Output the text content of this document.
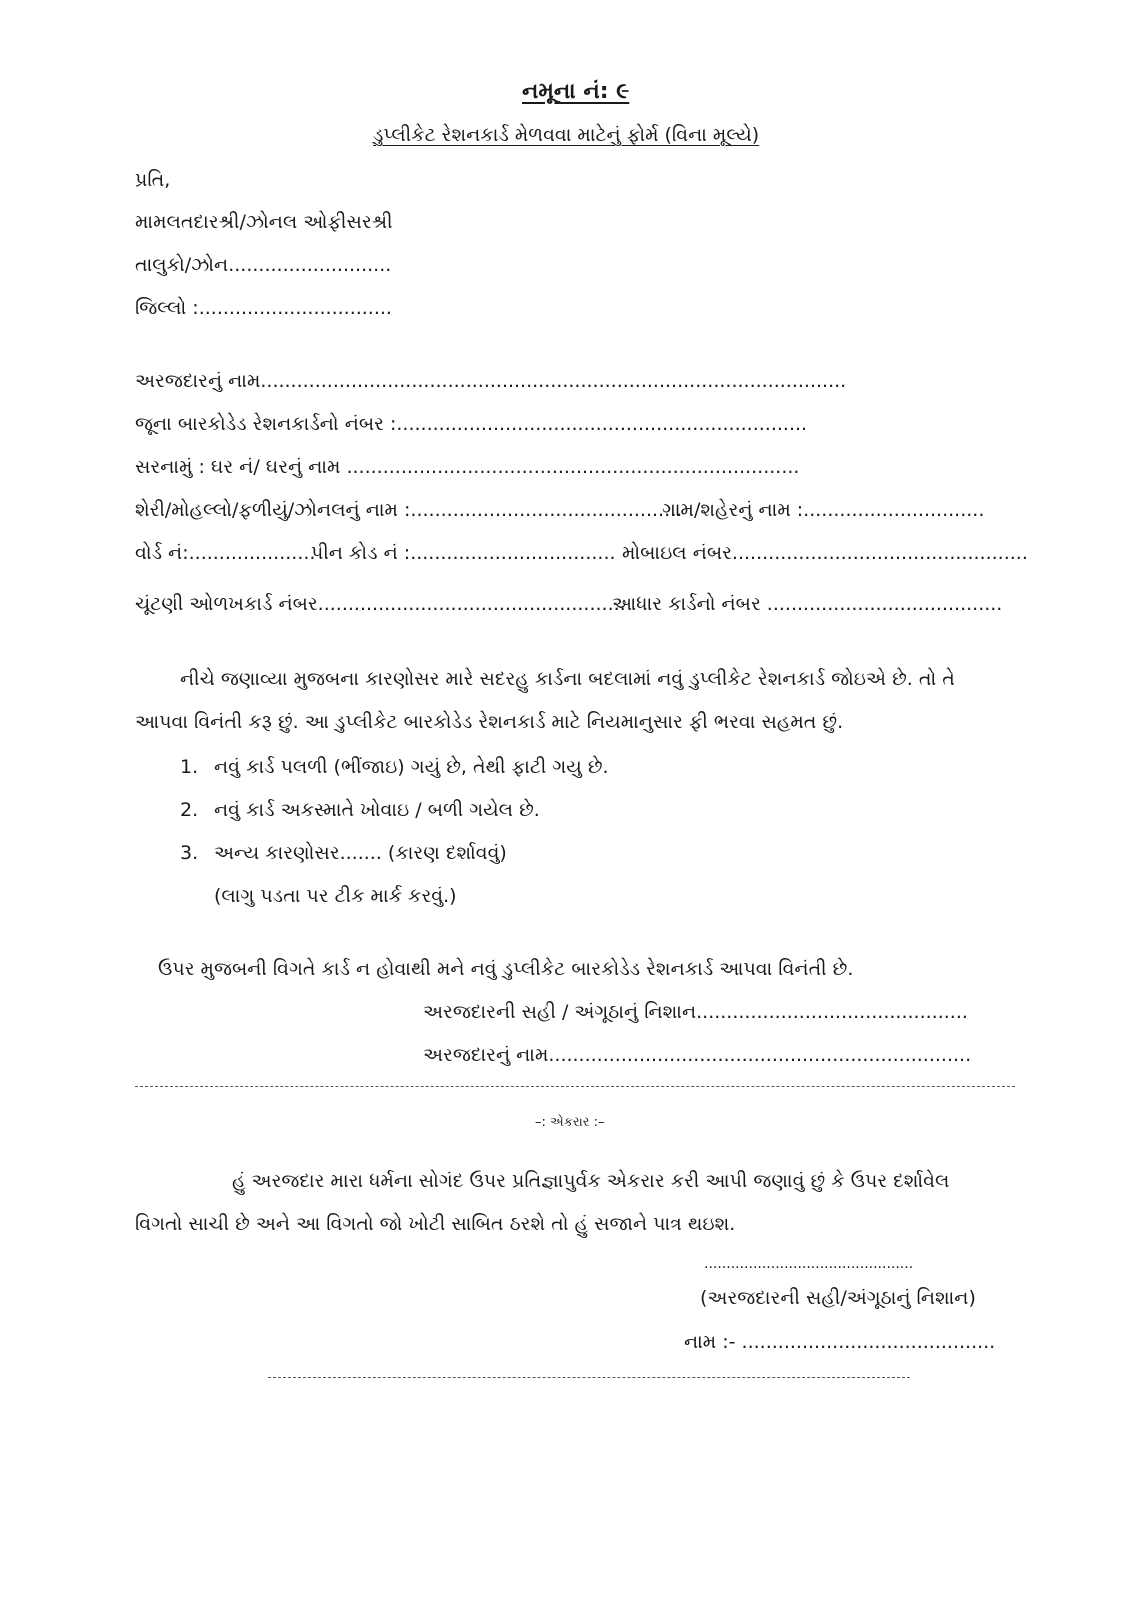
નમૂના નં: ૯
ડુપ્લીકેટ રેશનકાર્ડ મેળવવા માટેનું ફોર્મ (વિના મૂલ્યે)
પ્રતિ,
મામલતદારશ્રી/ઝોનલ ઓફીસરશ્રી
તાલુકો/ઝોન...........................
જિલ્લો :................................
અરજદારનું નામ.................................................................................................
જૂના બારકોડેડ રેશનકાર્ડનો નંબર :....................................................................
સરનામું : ઘર નં/ ઘરનું નામ ...........................................................................
શેરી/મોહલ્લો/ફળીયું/ઝોનલનું નામ :.............................................
ગામ/શહેરનું નામ :..............................
વોર્ડ નં:.....................
પીન કોડ નં :.................................. મોબાઇલ નંબર.................................................
ચૂંટણી ઓળખકાર્ડ નંબર...................................................
આધાર કાર્ડનો નંબર .......................................
નીચે જણાવ્યા મુજબના કારણોસર મારે સદરહુ કાર્ડના બદલામાં નવું ડુપ્લીકેટ રેશનકાર્ડ જોઇએ છે. તો તે
આપવા વિનંતી કરૂ છું. આ ડુપ્લીકેટ બારકોડેડ રેશનકાર્ડ માટે નિયમાનુસાર ફી ભરવા સહમત છું.
1. નવું કાર્ડ પલળી (ભીંજાઇ) ગયું છે, તેથી ફાટી ગયુ છે.
2. નવું કાર્ડ અકસ્માતે ખોવાઇ / બળી ગયેલ છે.
3. અન્ય કારણોસર....... (કારણ દર્શાવવું)
(લાગુ પડતા પર ટીક માર્ક કરવું.)
ઉપર મુજબની વિગતે કાર્ડ ન હોવાથી મને નવું ડુપ્લીકેટ બારકોડેડ રેશનકાર્ડ આપવા વિનંતી છે.
અરજદારની સહી / અંગૂઠાનું નિશાન.............................................
અરજદારનું નામ......................................................................
–: એકરાર :–
હું અરજદાર મારા ધર્મના સોગંદ ઉપર પ્રતિજ્ઞાપુર્વક એકરાર કરી આપી જણાવું છું કે ઉપર દર્શાવેલ
વિગતો સાચી છે અને આ વિગતો જો ખોટી સાબિત ઠરશે તો હું સજાને પાત્ર થઇશ.
...............................................
(અરજદારની સહી/અંગૂઠાનું નિશાન)
નામ :- ..........................................
